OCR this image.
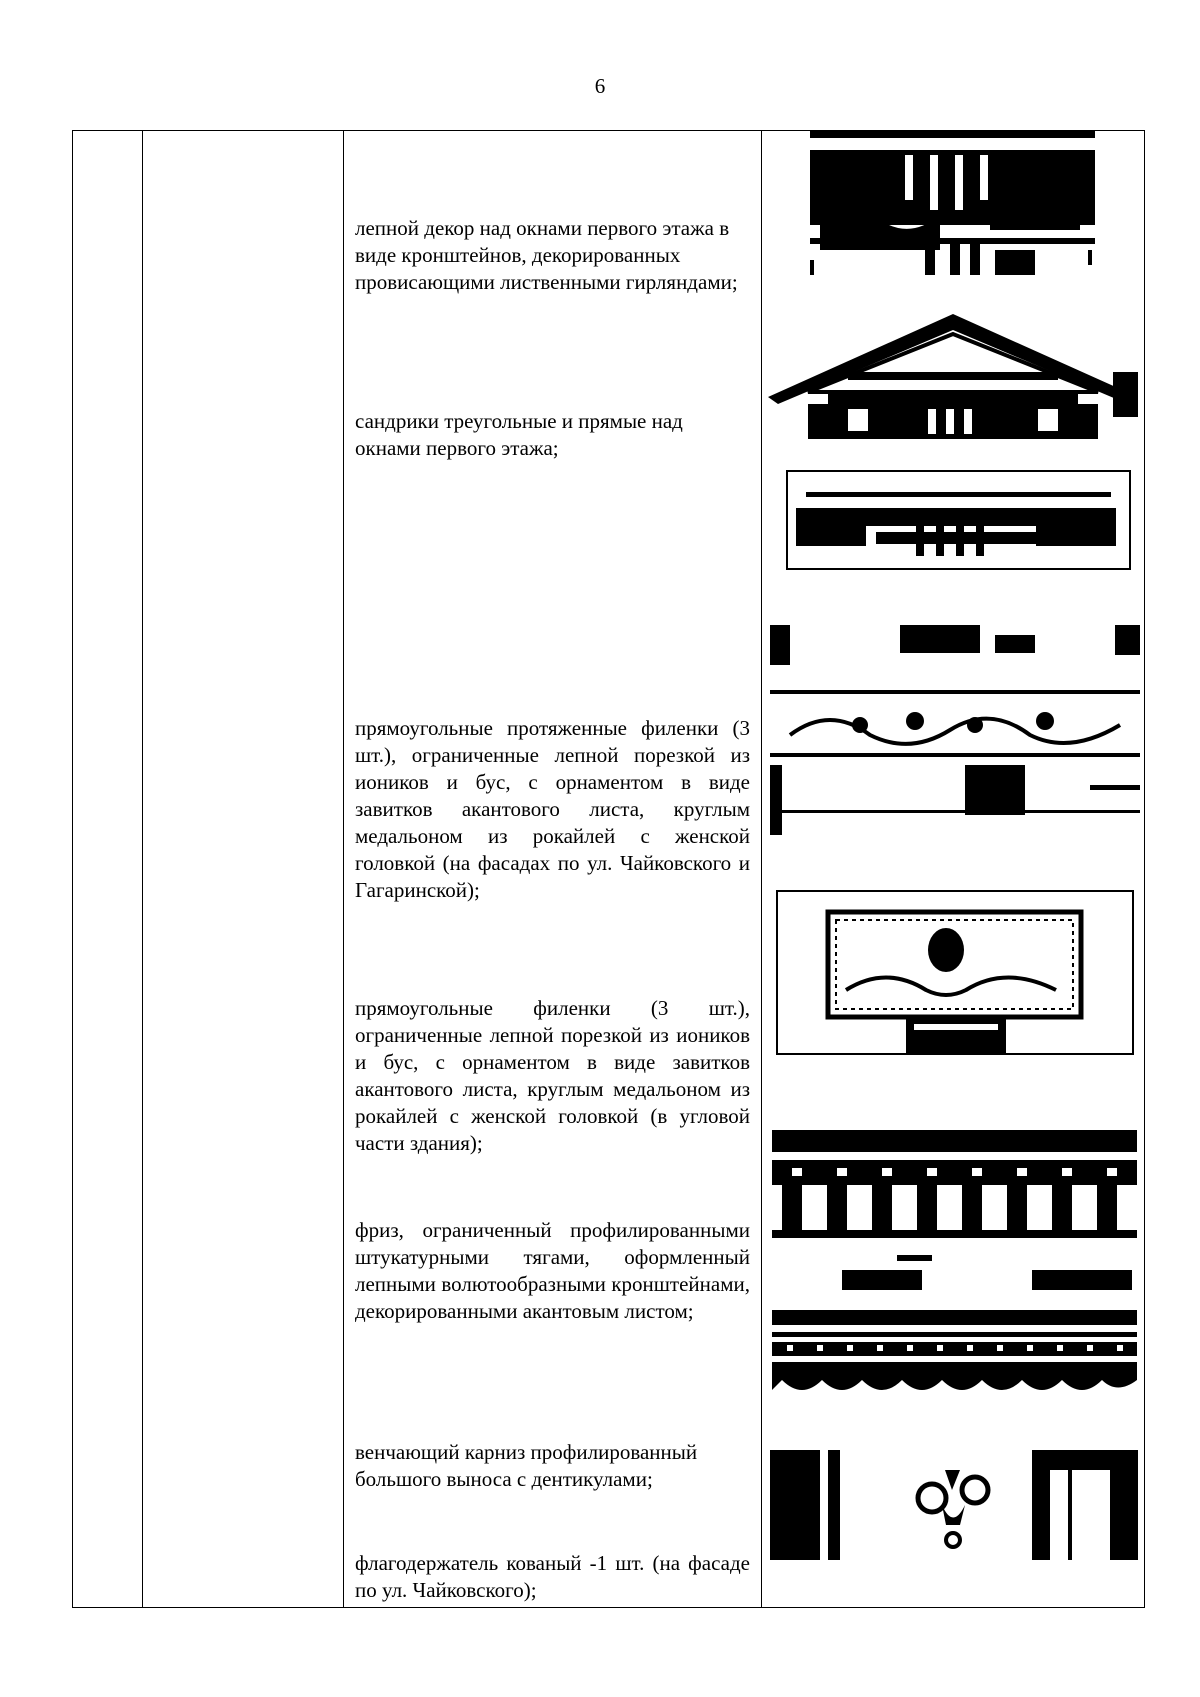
6

лепной декор над окнами первого этажа в виде кронштейнов, декорированных провисающими лиственными гирляндами;

сандрики треугольные и прямые над окнами первого этажа;

прямоугольные протяженные филенки (3 шт.), ограниченные лепной порезкой из иоников и бус, с орнаментом в виде завитков акантового листа, круглым медальоном из рокайлей с женской головкой (на фасадах по ул. Чайковского и Гагаринской);

прямоугольные филенки (3 шт.), ограниченные лепной порезкой из иоников и бус, с орнаментом в виде завитков акантового листа, круглым медальоном из рокайлей с женской головкой (в угловой части здания);

фриз, ограниченный профилированными штукатурными тягами, оформленный лепными волютообразными кронштейнами, декорированными акантовым листом;

венчающий карниз профилированный большого выноса с дентикулами;

флагодержатель кованый -1 шт. (на фасаде по ул. Чайковского);
